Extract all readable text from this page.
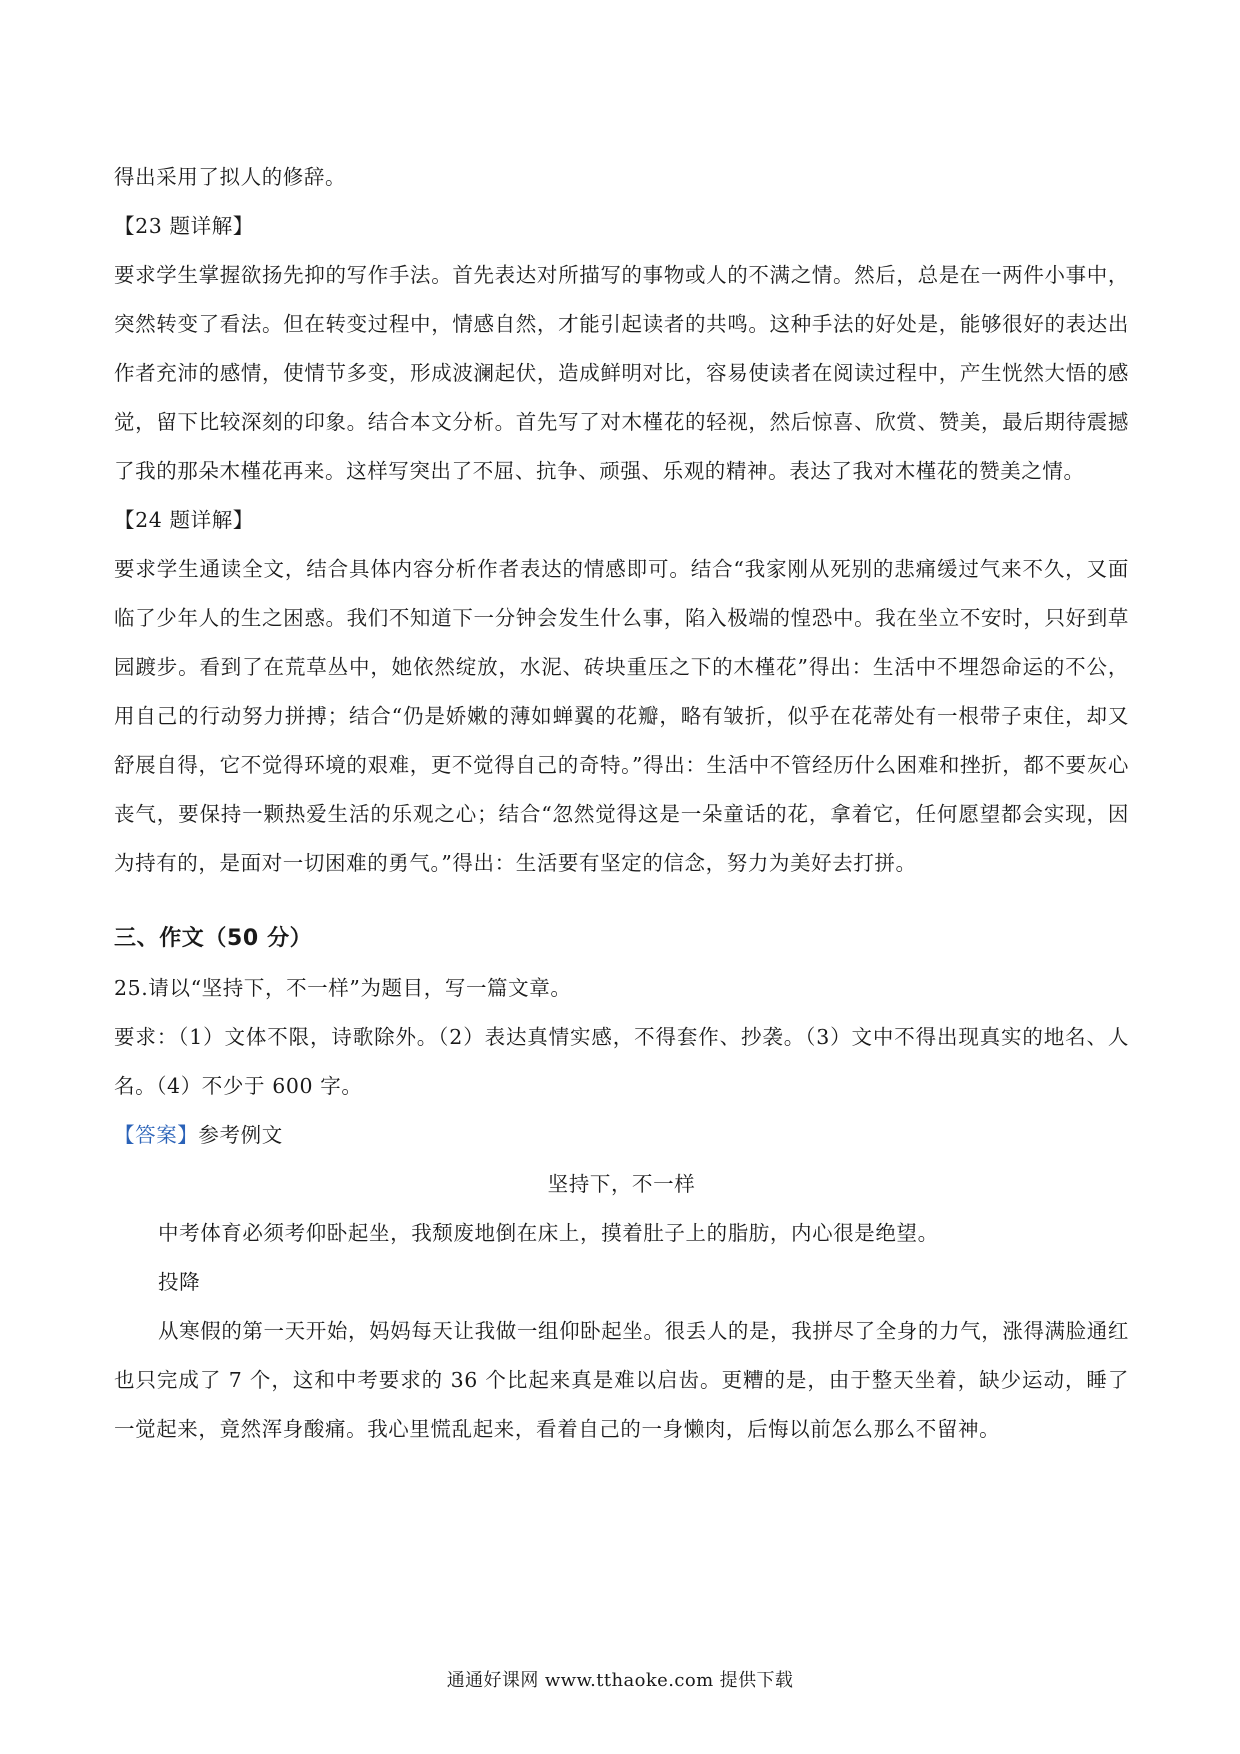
得出采用了拟人的修辞。

【23 题详解】

要求学生掌握欲扬先抑的写作手法。首先表达对所描写的事物或人的不满之情。然后，总是在一两件小事中，突然转变了看法。但在转变过程中，情感自然，才能引起读者的共鸣。这种手法的好处是，能够很好的表达出作者充沛的感情，使情节多变，形成波澜起伏，造成鲜明对比，容易使读者在阅读过程中，产生恍然大悟的感觉，留下比较深刻的印象。结合本文分析。首先写了对木槿花的轻视，然后惊喜、欣赏、赞美，最后期待震撼了我的那朵木槿花再来。这样写突出了不屈、抗争、顽强、乐观的精神。表达了我对木槿花的赞美之情。

【24 题详解】

要求学生通读全文，结合具体内容分析作者表达的情感即可。结合“我家刚从死别的悲痛缓过气来不久，又面临了少年人的生之困惑。我们不知道下一分钟会发生什么事，陷入极端的惶恐中。我在坐立不安时，只好到草园踱步。看到了在荒草丛中，她依然绽放，水泥、砖块重压之下的木槿花”得出：生活中不埋怨命运的不公，用自己的行动努力拼搏；结合“仍是娇嫩的薄如蝉翼的花瓣，略有皱折，似乎在花蒂处有一根带子束住，却又舒展自得，它不觉得环境的艰难，更不觉得自己的奇特。”得出：生活中不管经历什么困难和挫折，都不要灰心丧气，要保持一颗热爱生活的乐观之心；结合“忽然觉得这是一朵童话的花，拿着它，任何愿望都会实现，因为持有的，是面对一切困难的勇气。”得出：生活要有坚定的信念，努力为美好去打拼。

三、作文（50 分）

25.请以“坚持下，不一样”为题目，写一篇文章。

要求：（1）文体不限，诗歌除外。（2）表达真情实感，不得套作、抄袭。（3）文中不得出现真实的地名、人名。（4）不少于 600 字。

【答案】参考例文

坚持下，不一样

中考体育必须考仰卧起坐，我颓废地倒在床上，摸着肚子上的脂肪，内心很是绝望。

投降

从寒假的第一天开始，妈妈每天让我做一组仰卧起坐。很丢人的是，我拼尽了全身的力气，涨得满脸通红也只完成了 7 个，这和中考要求的 36 个比起来真是难以启齿。更糟的是，由于整天坐着，缺少运动，睡了一觉起来，竟然浑身酸痛。我心里慌乱起来，看着自己的一身懒肉，后悔以前怎么那么不留神。

通通好课网 www.tthaoke.com 提供下载
